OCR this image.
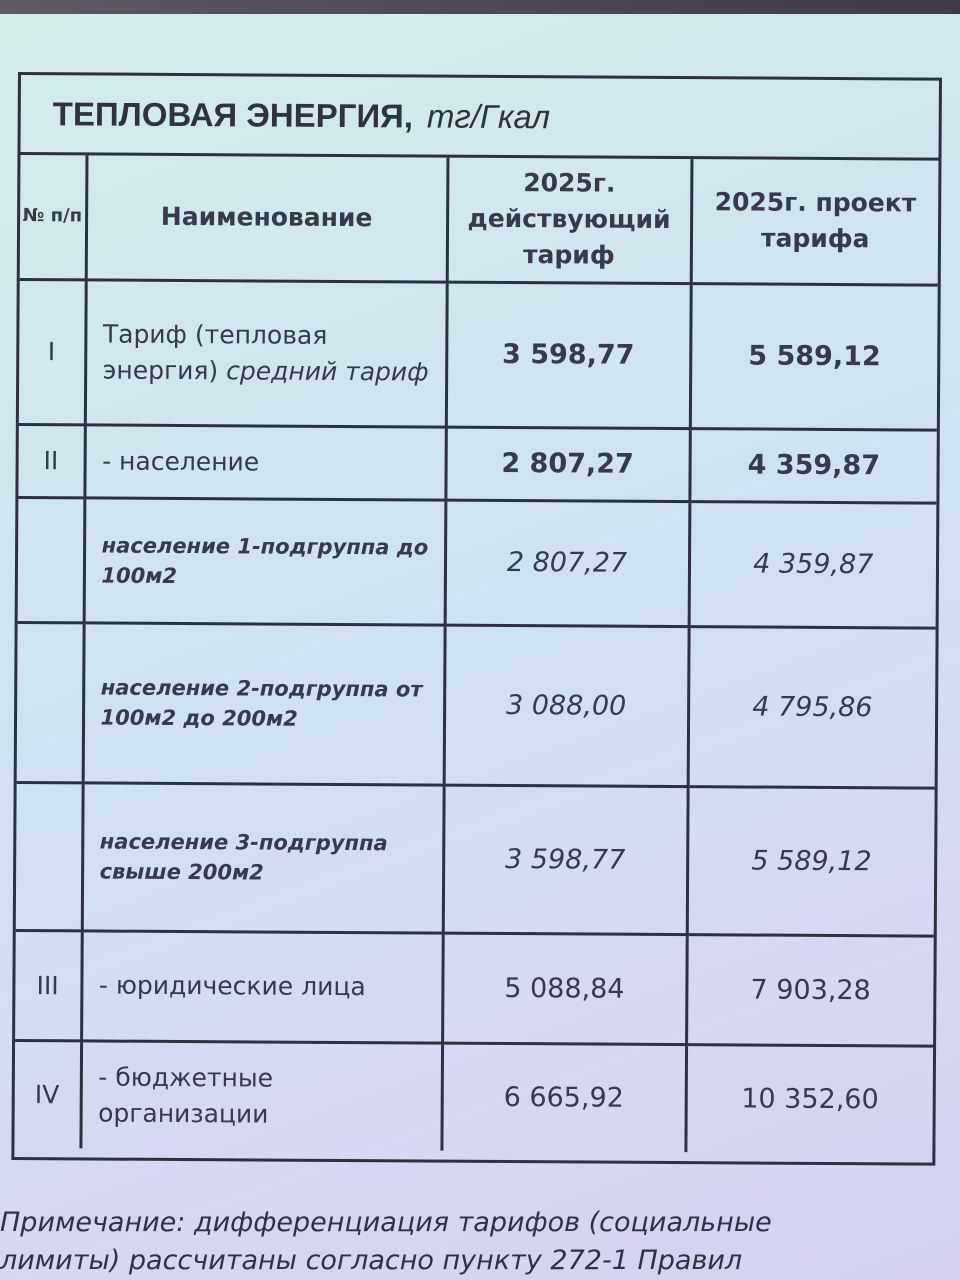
ТЕПЛОВАЯ ЭНЕРГИЯ, тг/Гкал
№ п/п	Наименование	2025г. действующий тариф	2025г. проект тарифа
I	Тариф (тепловая энергия) средний тариф	3 598,77	5 589,12
II	- население	2 807,27	4 359,87
	население 1-подгруппа до 100м2	2 807,27	4 359,87
	население 2-подгруппа от 100м2 до 200м2	3 088,00	4 795,86
	население 3-подгруппа свыше 200м2	3 598,77	5 589,12
III	- юридические лица	5 088,84	7 903,28
IV	- бюджетные организации	6 665,92	10 352,60
Примечание: дифференциация тарифов (социальные
лимиты) рассчитаны согласно пункту 272-1 Правил
